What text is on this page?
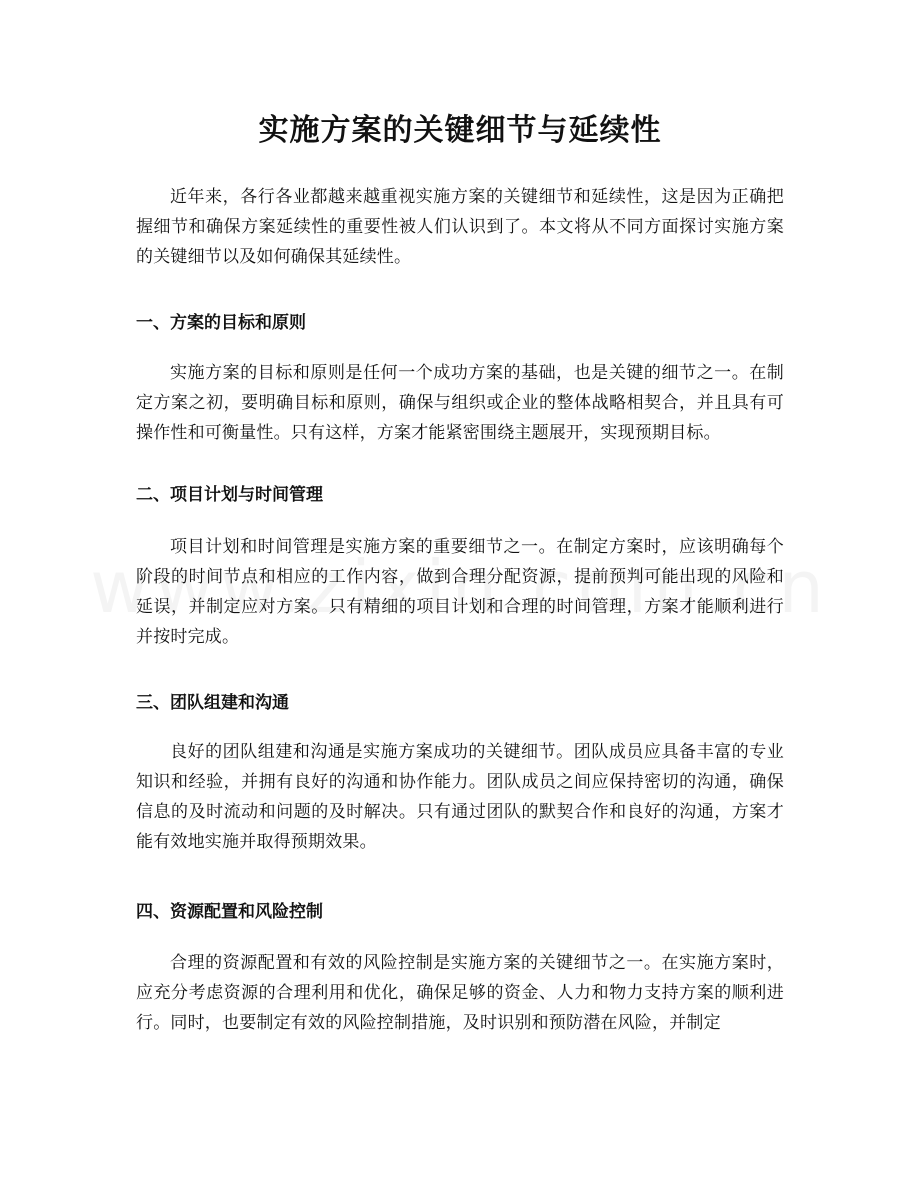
实施方案的关键细节与延续性

近年来，各行各业都越来越重视实施方案的关键细节和延续性，这是因为正确把握细节和确保方案延续性的重要性被人们认识到了。本文将从不同方面探讨实施方案的关键细节以及如何确保其延续性。

一、方案的目标和原则

实施方案的目标和原则是任何一个成功方案的基础，也是关键的细节之一。在制定方案之初，要明确目标和原则，确保与组织或企业的整体战略相契合，并且具有可操作性和可衡量性。只有这样，方案才能紧密围绕主题展开，实现预期目标。

二、项目计划与时间管理

项目计划和时间管理是实施方案的重要细节之一。在制定方案时，应该明确每个阶段的时间节点和相应的工作内容，做到合理分配资源，提前预判可能出现的风险和延误，并制定应对方案。只有精细的项目计划和合理的时间管理，方案才能顺利进行并按时完成。

三、团队组建和沟通

良好的团队组建和沟通是实施方案成功的关键细节。团队成员应具备丰富的专业知识和经验，并拥有良好的沟通和协作能力。团队成员之间应保持密切的沟通，确保信息的及时流动和问题的及时解决。只有通过团队的默契合作和良好的沟通，方案才能有效地实施并取得预期效果。

四、资源配置和风险控制

合理的资源配置和有效的风险控制是实施方案的关键细节之一。在实施方案时，应充分考虑资源的合理利用和优化，确保足够的资金、人力和物力支持方案的顺利进行。同时，也要制定有效的风险控制措施，及时识别和预防潜在风险，并制定
